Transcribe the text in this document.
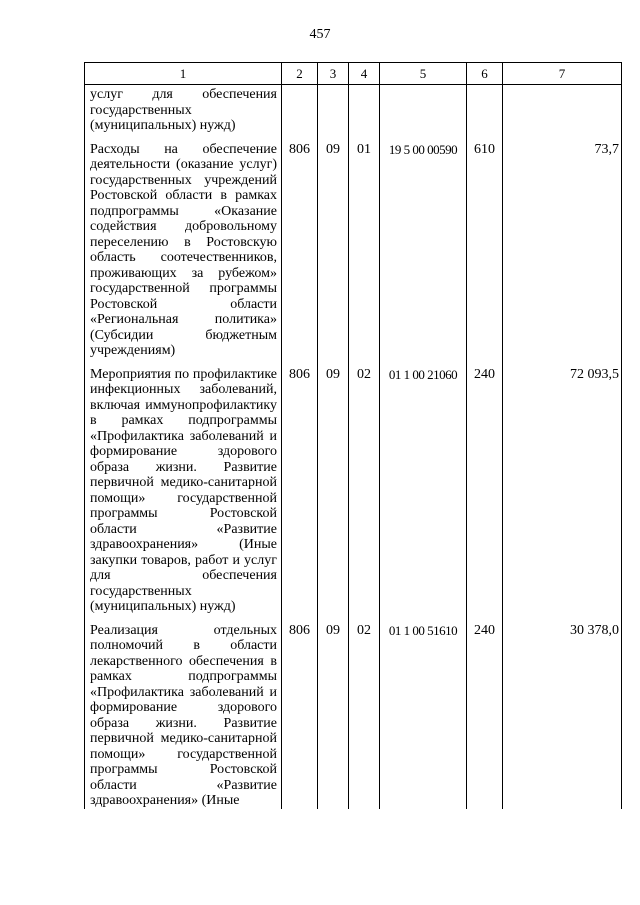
457
1	2	3	4	5	6	7
услуг для обеспечения государственных (муниципальных) нужд)						
Расходы на обеспечение деятельности (оказание услуг) государственных учреждений Ростовской области в рамках подпрограммы «Оказание содействия добровольному переселению в Ростовскую область соотечественников, проживающих за рубежом» государственной программы Ростовской области «Региональная политика» (Субсидии бюджетным учреждениям)	806	09	01	19 5 00 00590	610	73,7
Мероприятия по профилактике инфекционных заболеваний, включая иммунопрофилактику в рамках подпрограммы «Профилактика заболеваний и формирование здорового образа жизни. Развитие первичной медико-санитарной помощи» государственной программы Ростовской области «Развитие здравоохранения» (Иные закупки товаров, работ и услуг для обеспечения государственных (муниципальных) нужд)	806	09	02	01 1 00 21060	240	72 093,5
Реализация отдельных полномочий в области лекарственного обеспечения в рамках подпрограммы «Профилактика заболеваний и формирование здорового образа жизни. Развитие первичной медико-санитарной помощи» государственной программы Ростовской области «Развитие здравоохранения» (Иные	806	09	02	01 1 00 51610	240	30 378,0
